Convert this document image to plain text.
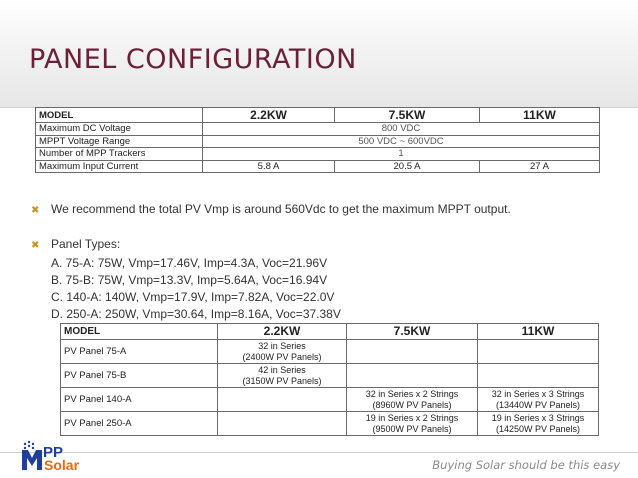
PANEL CONFIGURATION
MODEL	2.2KW	7.5KW	11KW
Maximum DC Voltage	800 VDC		
MPPT Voltage Range	500 VDC ~ 600VDC		
Number of MPP Trackers	1		
Maximum Input Current	5.8 A	20.5 A	27 A
✖ We recommend the total PV Vmp is around 560Vdc to get the maximum MPPT output.
✖ Panel Types:
A. 75-A: 75W, Vmp=17.46V, Imp=4.3A, Voc=21.96V
B. 75-B: 75W, Vmp=13.3V, Imp=5.64A, Voc=16.94V
C. 140-A: 140W, Vmp=17.9V, Imp=7.82A, Voc=22.0V
D. 250-A: 250W, Vmp=30.64, Imp=8.16A, Voc=37.38V
MODEL	2.2KW	7.5KW	11KW
PV Panel 75-A	32 in Series
(2400W PV Panels)		
PV Panel 75-B	42 in Series
(3150W PV Panels)		
PV Panel 140-A		32 in Series x 2 Strings
(8960W PV Panels)	32 in Series x 3 Strings
(13440W PV Panels)
PV Panel 250-A		19 in Series x 2 Strings
(9500W PV Panels)	19 in Series x 3 Strings
(14250W PV Panels)
PP
Solar	Buying Solar should be this easy
